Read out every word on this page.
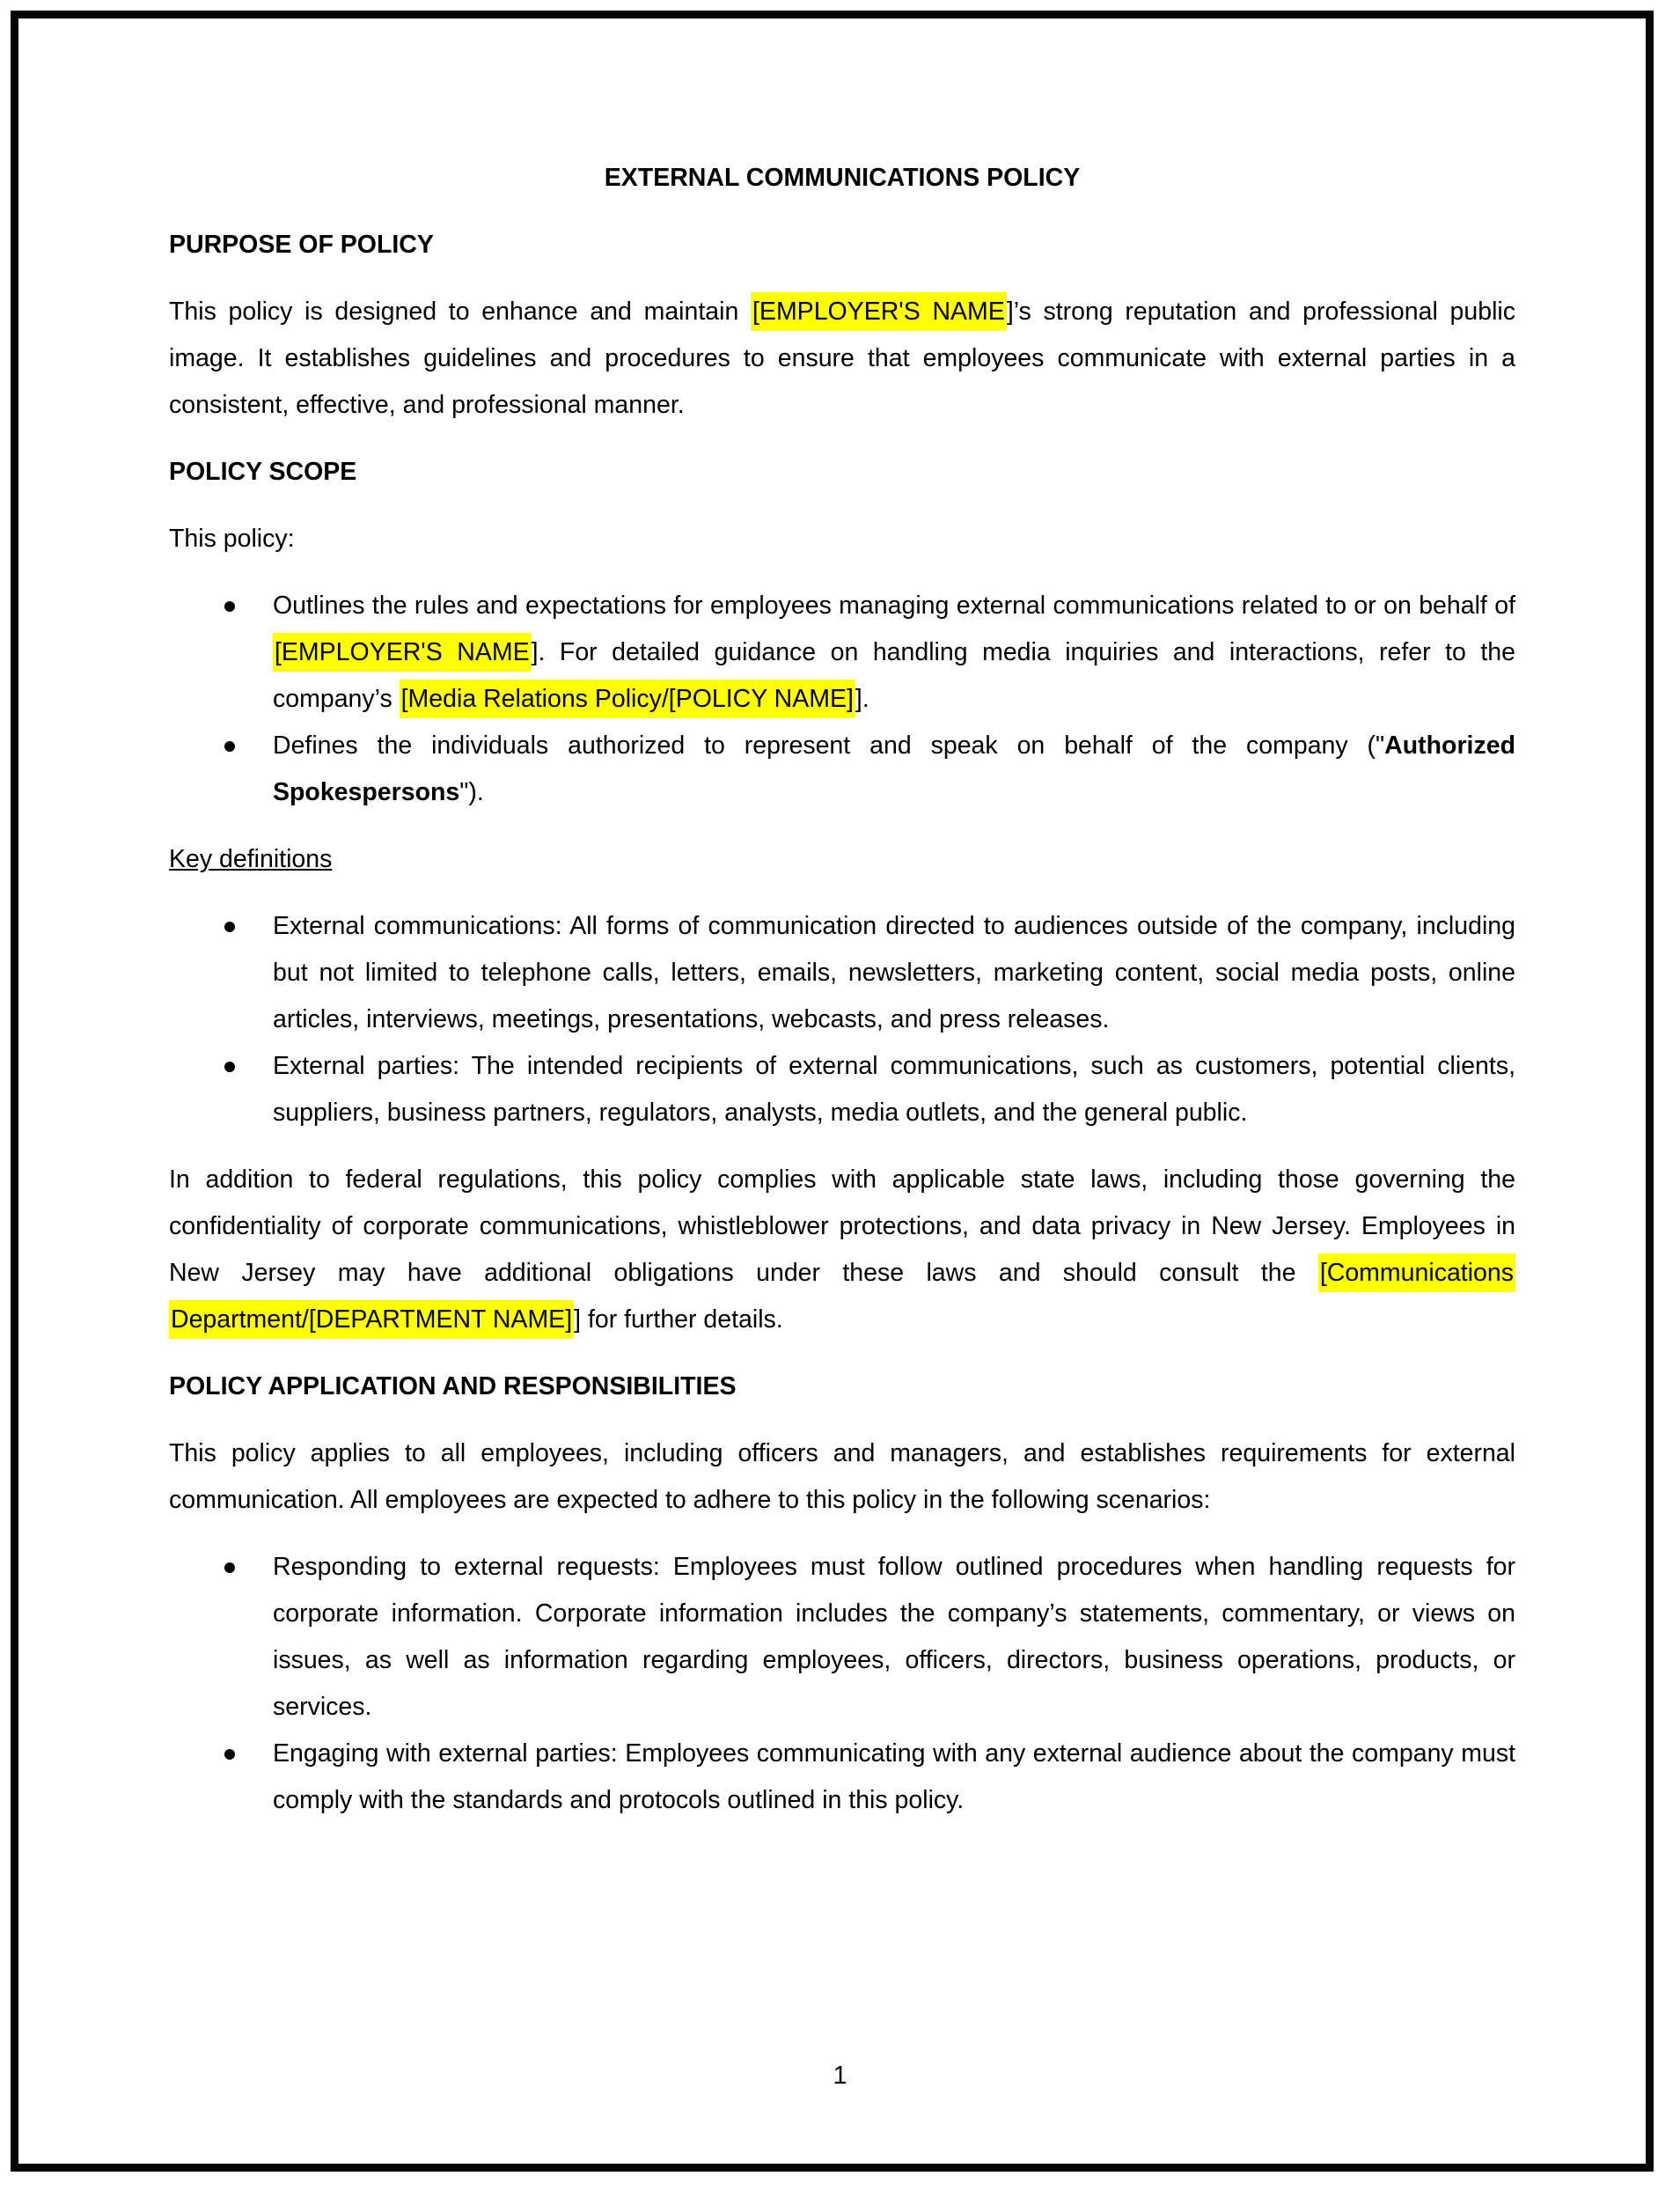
EXTERNAL COMMUNICATIONS POLICY
PURPOSE OF POLICY
This policy is designed to enhance and maintain [EMPLOYER'S NAME]’s strong reputation and professional public image. It establishes guidelines and procedures to ensure that employees communicate with external parties in a consistent, effective, and professional manner.
POLICY SCOPE
This policy:
Outlines the rules and expectations for employees managing external communications related to or on behalf of [EMPLOYER'S NAME]. For detailed guidance on handling media inquiries and interactions, refer to the company’s [Media Relations Policy/[POLICY NAME]].
Defines the individuals authorized to represent and speak on behalf of the company ("Authorized Spokespersons").
Key definitions
External communications: All forms of communication directed to audiences outside of the company, including but not limited to telephone calls, letters, emails, newsletters, marketing content, social media posts, online articles, interviews, meetings, presentations, webcasts, and press releases.
External parties: The intended recipients of external communications, such as customers, potential clients, suppliers, business partners, regulators, analysts, media outlets, and the general public.
In addition to federal regulations, this policy complies with applicable state laws, including those governing the confidentiality of corporate communications, whistleblower protections, and data privacy in New Jersey. Employees in New Jersey may have additional obligations under these laws and should consult the [Communications Department/[DEPARTMENT NAME]] for further details.
POLICY APPLICATION AND RESPONSIBILITIES
This policy applies to all employees, including officers and managers, and establishes requirements for external communication. All employees are expected to adhere to this policy in the following scenarios:
Responding to external requests: Employees must follow outlined procedures when handling requests for corporate information. Corporate information includes the company’s statements, commentary, or views on issues, as well as information regarding employees, officers, directors, business operations, products, or services.
Engaging with external parties: Employees communicating with any external audience about the company must comply with the standards and protocols outlined in this policy.
1
